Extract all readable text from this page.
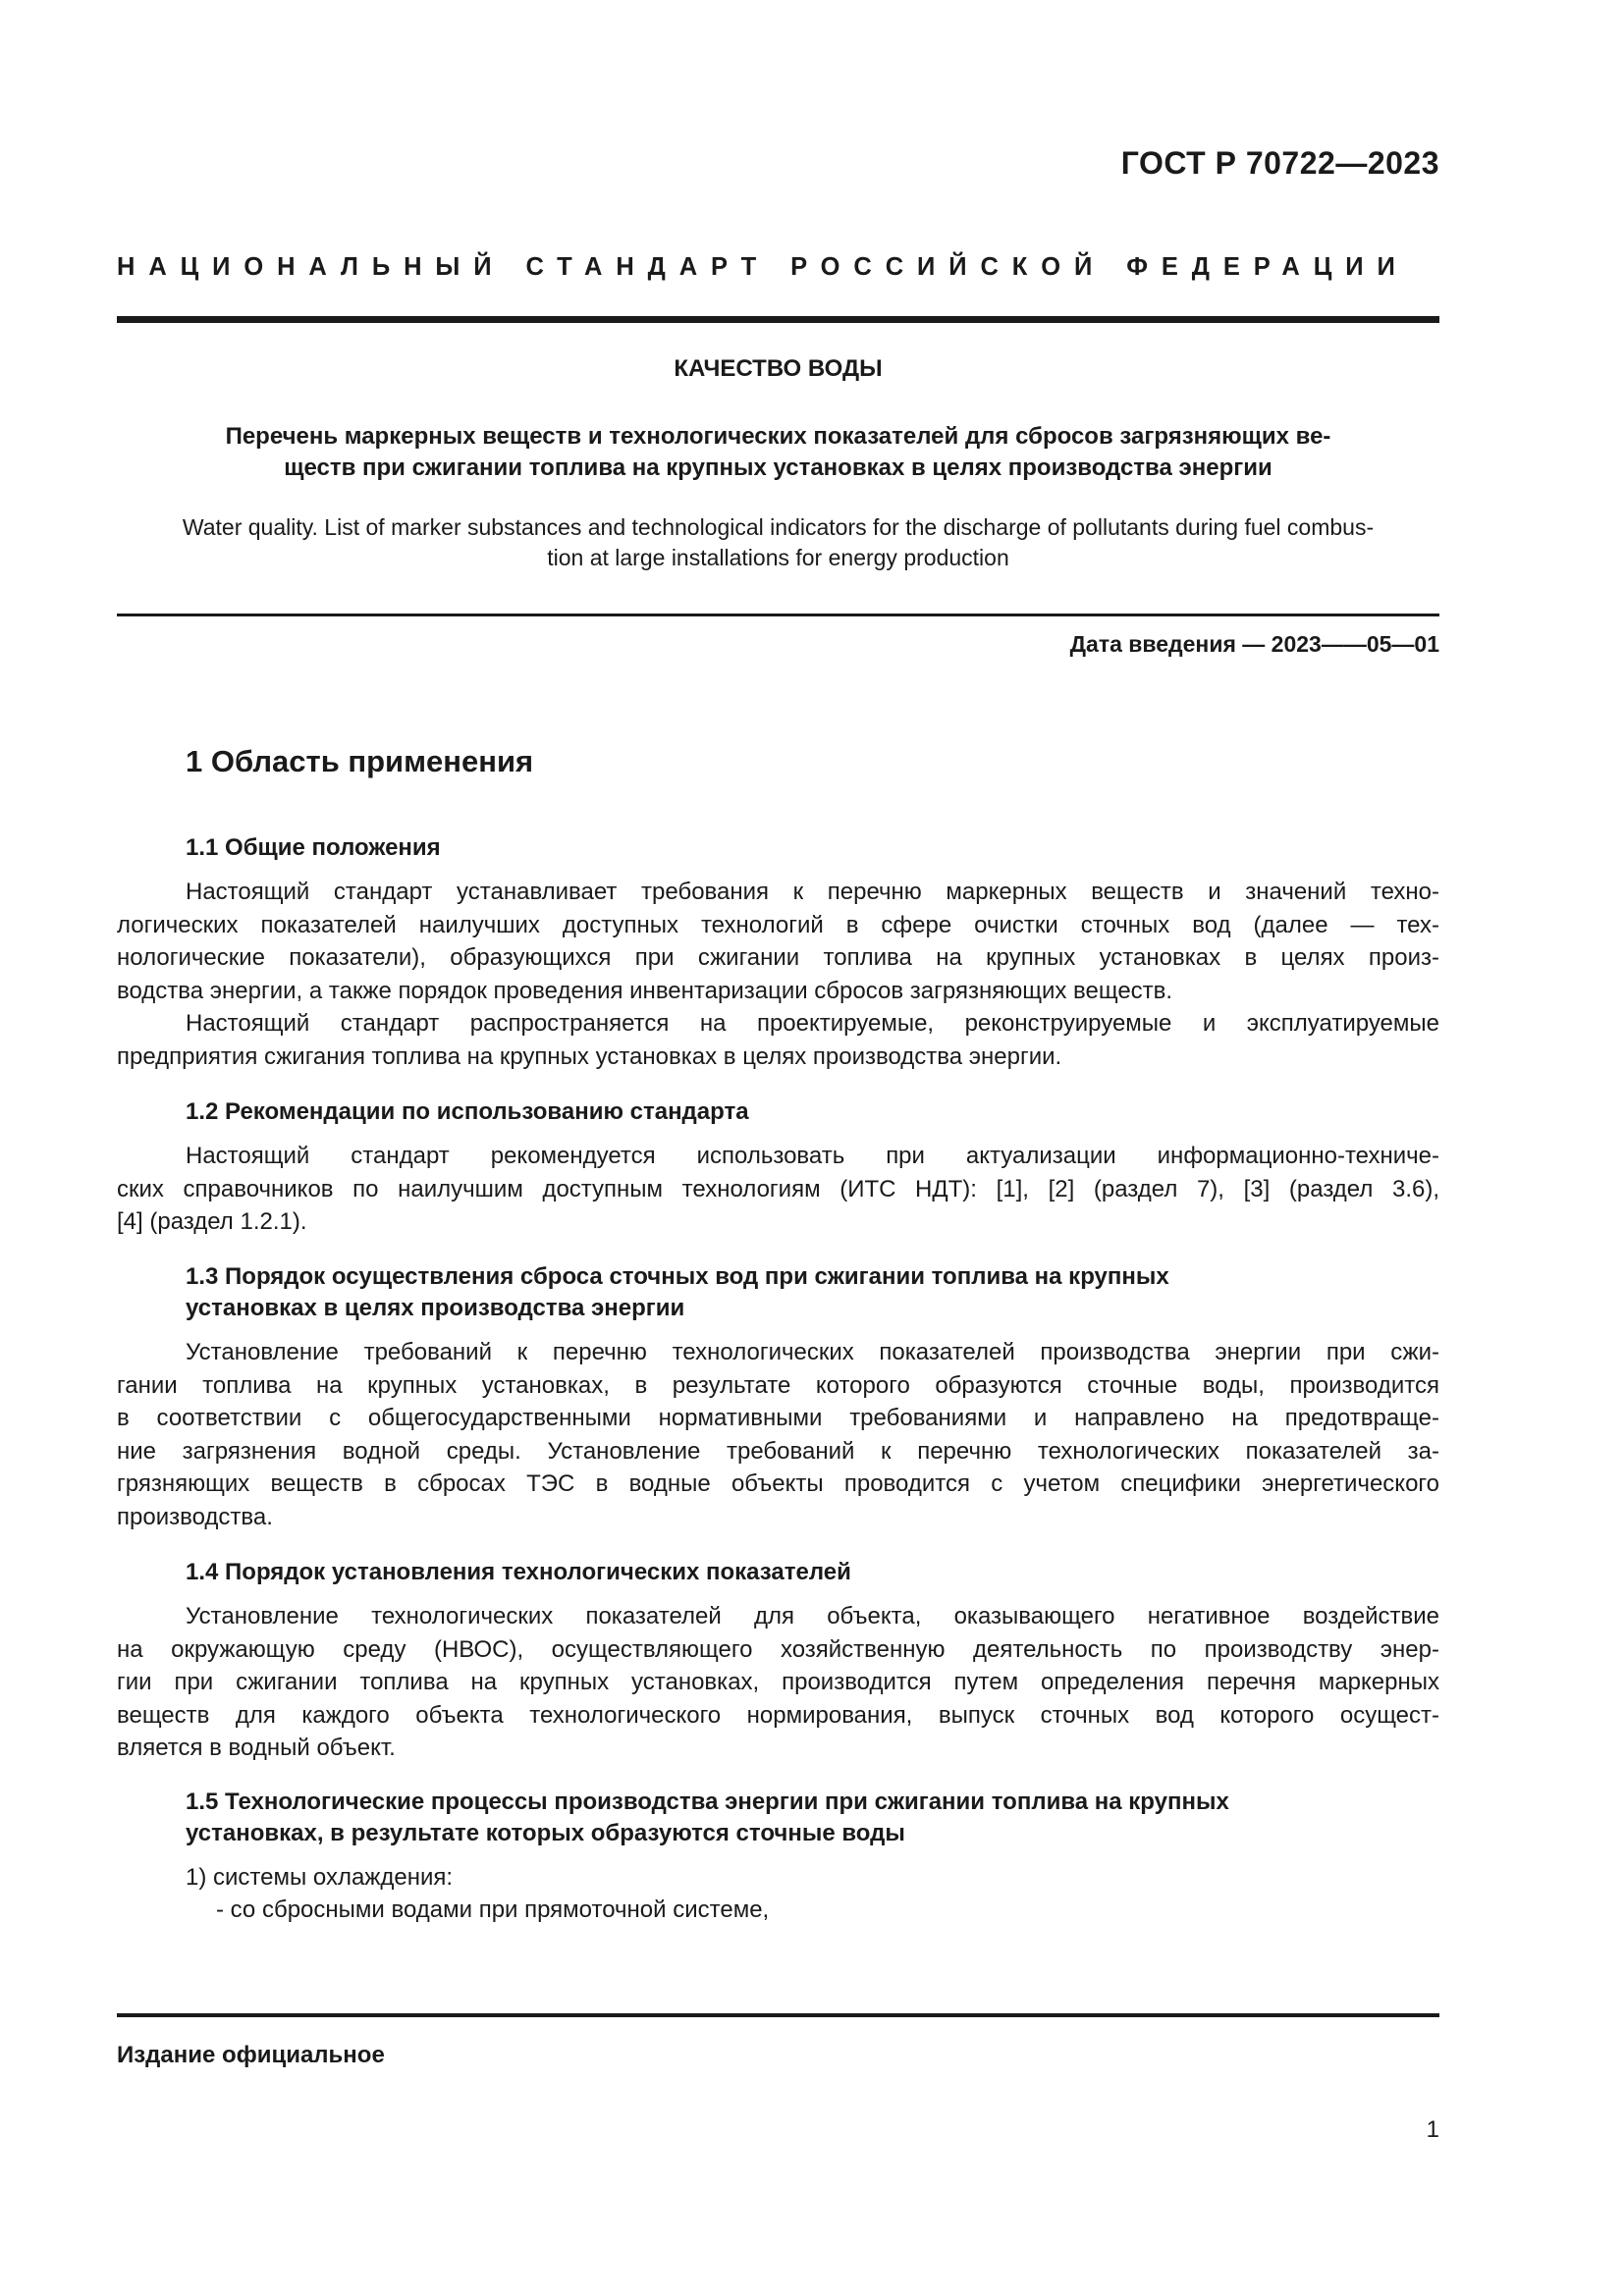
ГОСТ Р 70722—2023
НАЦИОНАЛЬНЫЙ СТАНДАРТ РОССИЙСКОЙ ФЕДЕРАЦИИ
КАЧЕСТВО ВОДЫ
Перечень маркерных веществ и технологических показателей для сбросов загрязняющих ве-
ществ при сжигании топлива на крупных установках в целях производства энергии
Water quality. List of marker substances and technological indicators for the discharge of pollutants during fuel combus-
tion at large installations for energy production
Дата введения — 2023——05—01
1 Область применения
1.1 Общие положения
Настоящий стандарт устанавливает требования к перечню маркерных веществ и значений техно-
логических показателей наилучших доступных технологий в сфере очистки сточных вод (далее — тех-
нологические показатели), образующихся при сжигании топлива на крупных установках в целях произ-
водства энергии, а также порядок проведения инвентаризации сбросов загрязняющих веществ.
Настоящий стандарт распространяется на проектируемые, реконструируемые и эксплуатируемые
предприятия сжигания топлива на крупных установках в целях производства энергии.
1.2 Рекомендации по использованию стандарта
Настоящий стандарт рекомендуется использовать при актуализации информационно-техниче-
ских справочников по наилучшим доступным технологиям (ИТС НДТ): [1], [2] (раздел 7), [3] (раздел 3.6),
[4] (раздел 1.2.1).
1.3 Порядок осуществления сброса сточных вод при сжигании топлива на крупных
установках в целях производства энергии
Установление требований к перечню технологических показателей производства энергии при сжи-
гании топлива на крупных установках, в результате которого образуются сточные воды, производится
в соответствии с общегосударственными нормативными требованиями и направлено на предотвраще-
ние загрязнения водной среды. Установление требований к перечню технологических показателей за-
грязняющих веществ в сбросах ТЭС в водные объекты проводится с учетом специфики энергетического
производства.
1.4 Порядок установления технологических показателей
Установление технологических показателей для объекта, оказывающего негативное воздействие
на окружающую среду (НВОС), осуществляющего хозяйственную деятельность по производству энер-
гии при сжигании топлива на крупных установках, производится путем определения перечня маркерных
веществ для каждого объекта технологического нормирования, выпуск сточных вод которого осущест-
вляется в водный объект.
1.5 Технологические процессы производства энергии при сжигании топлива на крупных
установках, в результате которых образуются сточные воды
1) системы охлаждения:
- со сбросными водами при прямоточной системе,
Издание официальное
1
